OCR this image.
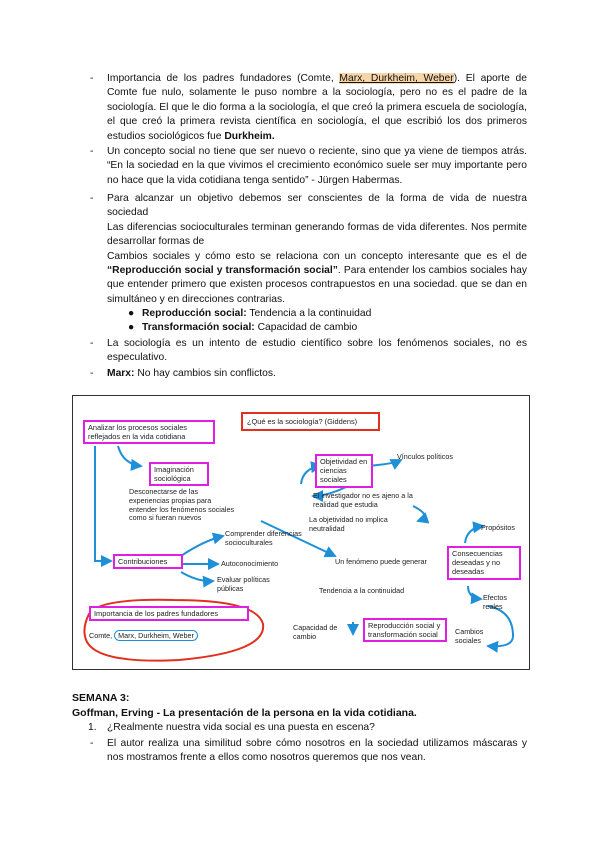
- Importancia de los padres fundadores (Comte, Marx, Durkheim, Weber). El aporte de Comte fue nulo, solamente le puso nombre a la sociología, pero no es el padre de la sociología. El que le dio forma a la sociología, el que creó la primera escuela de sociología, el que creó la primera revista científica en sociología, el que escribió los dos primeros estudios sociológicos fue Durkheim.
- Un concepto social no tiene que ser nuevo o reciente, sino que ya viene de tiempos atrás. “En la sociedad en la que vivimos el crecimiento económico suele ser muy importante pero no hace que la vida cotidiana tenga sentido” - Jürgen Habermas.
- Para alcanzar un objetivo debemos ser conscientes de la forma de vida de nuestra sociedad
Las diferencias socioculturales terminan generando formas de vida diferentes. Nos permite desarrollar formas de
Cambios sociales y cómo esto se relaciona con un concepto interesante que es el de “Reproducción social y transformación social”. Para entender los cambios sociales hay que entender primero que existen procesos contrapuestos en una sociedad. que se dan en simultáneo y en direcciones contrarias.
● Reproducción social: Tendencia a la continuidad
● Transformación social: Capacidad de cambio
- La sociología es un intento de estudio científico sobre los fenómenos sociales, no es especulativo.
- Marx: No hay cambios sin conflictos.
Analizar los procesos sociales reflejados en la vida cotidiana
¿Qué es la sociología? (Giddens)
Imaginación sociológica
Desconectarse de las experiencias propias para entender los fenómenos sociales como si fueran nuevos
Objetividad en ciencias sociales
Vínculos políticos
El investigador no es ajeno a la realidad que estudia
La objetividad no implica neutralidad
Comprender diferencias socioculturales
Contribuciones	Autoconocimiento
Evaluar políticas públicas
Un fenómeno puede generar
Propósitos
Consecuencias deseadas y no deseadas
Efectos reales
Tendencia a la continuidad
Importancia de los padres fundadores
Comte, Marx, Durkheim, Weber
Capacidad de cambio
Reproducción social y transformación social	Cambios sociales
SEMANA 3:
Goffman, Erving - La presentación de la persona en la vida cotidiana.
1. ¿Realmente nuestra vida social es una puesta en escena?
- El autor realiza una similitud sobre cómo nosotros en la sociedad utilizamos máscaras y nos mostramos frente a ellos como nosotros queremos que nos vean.
